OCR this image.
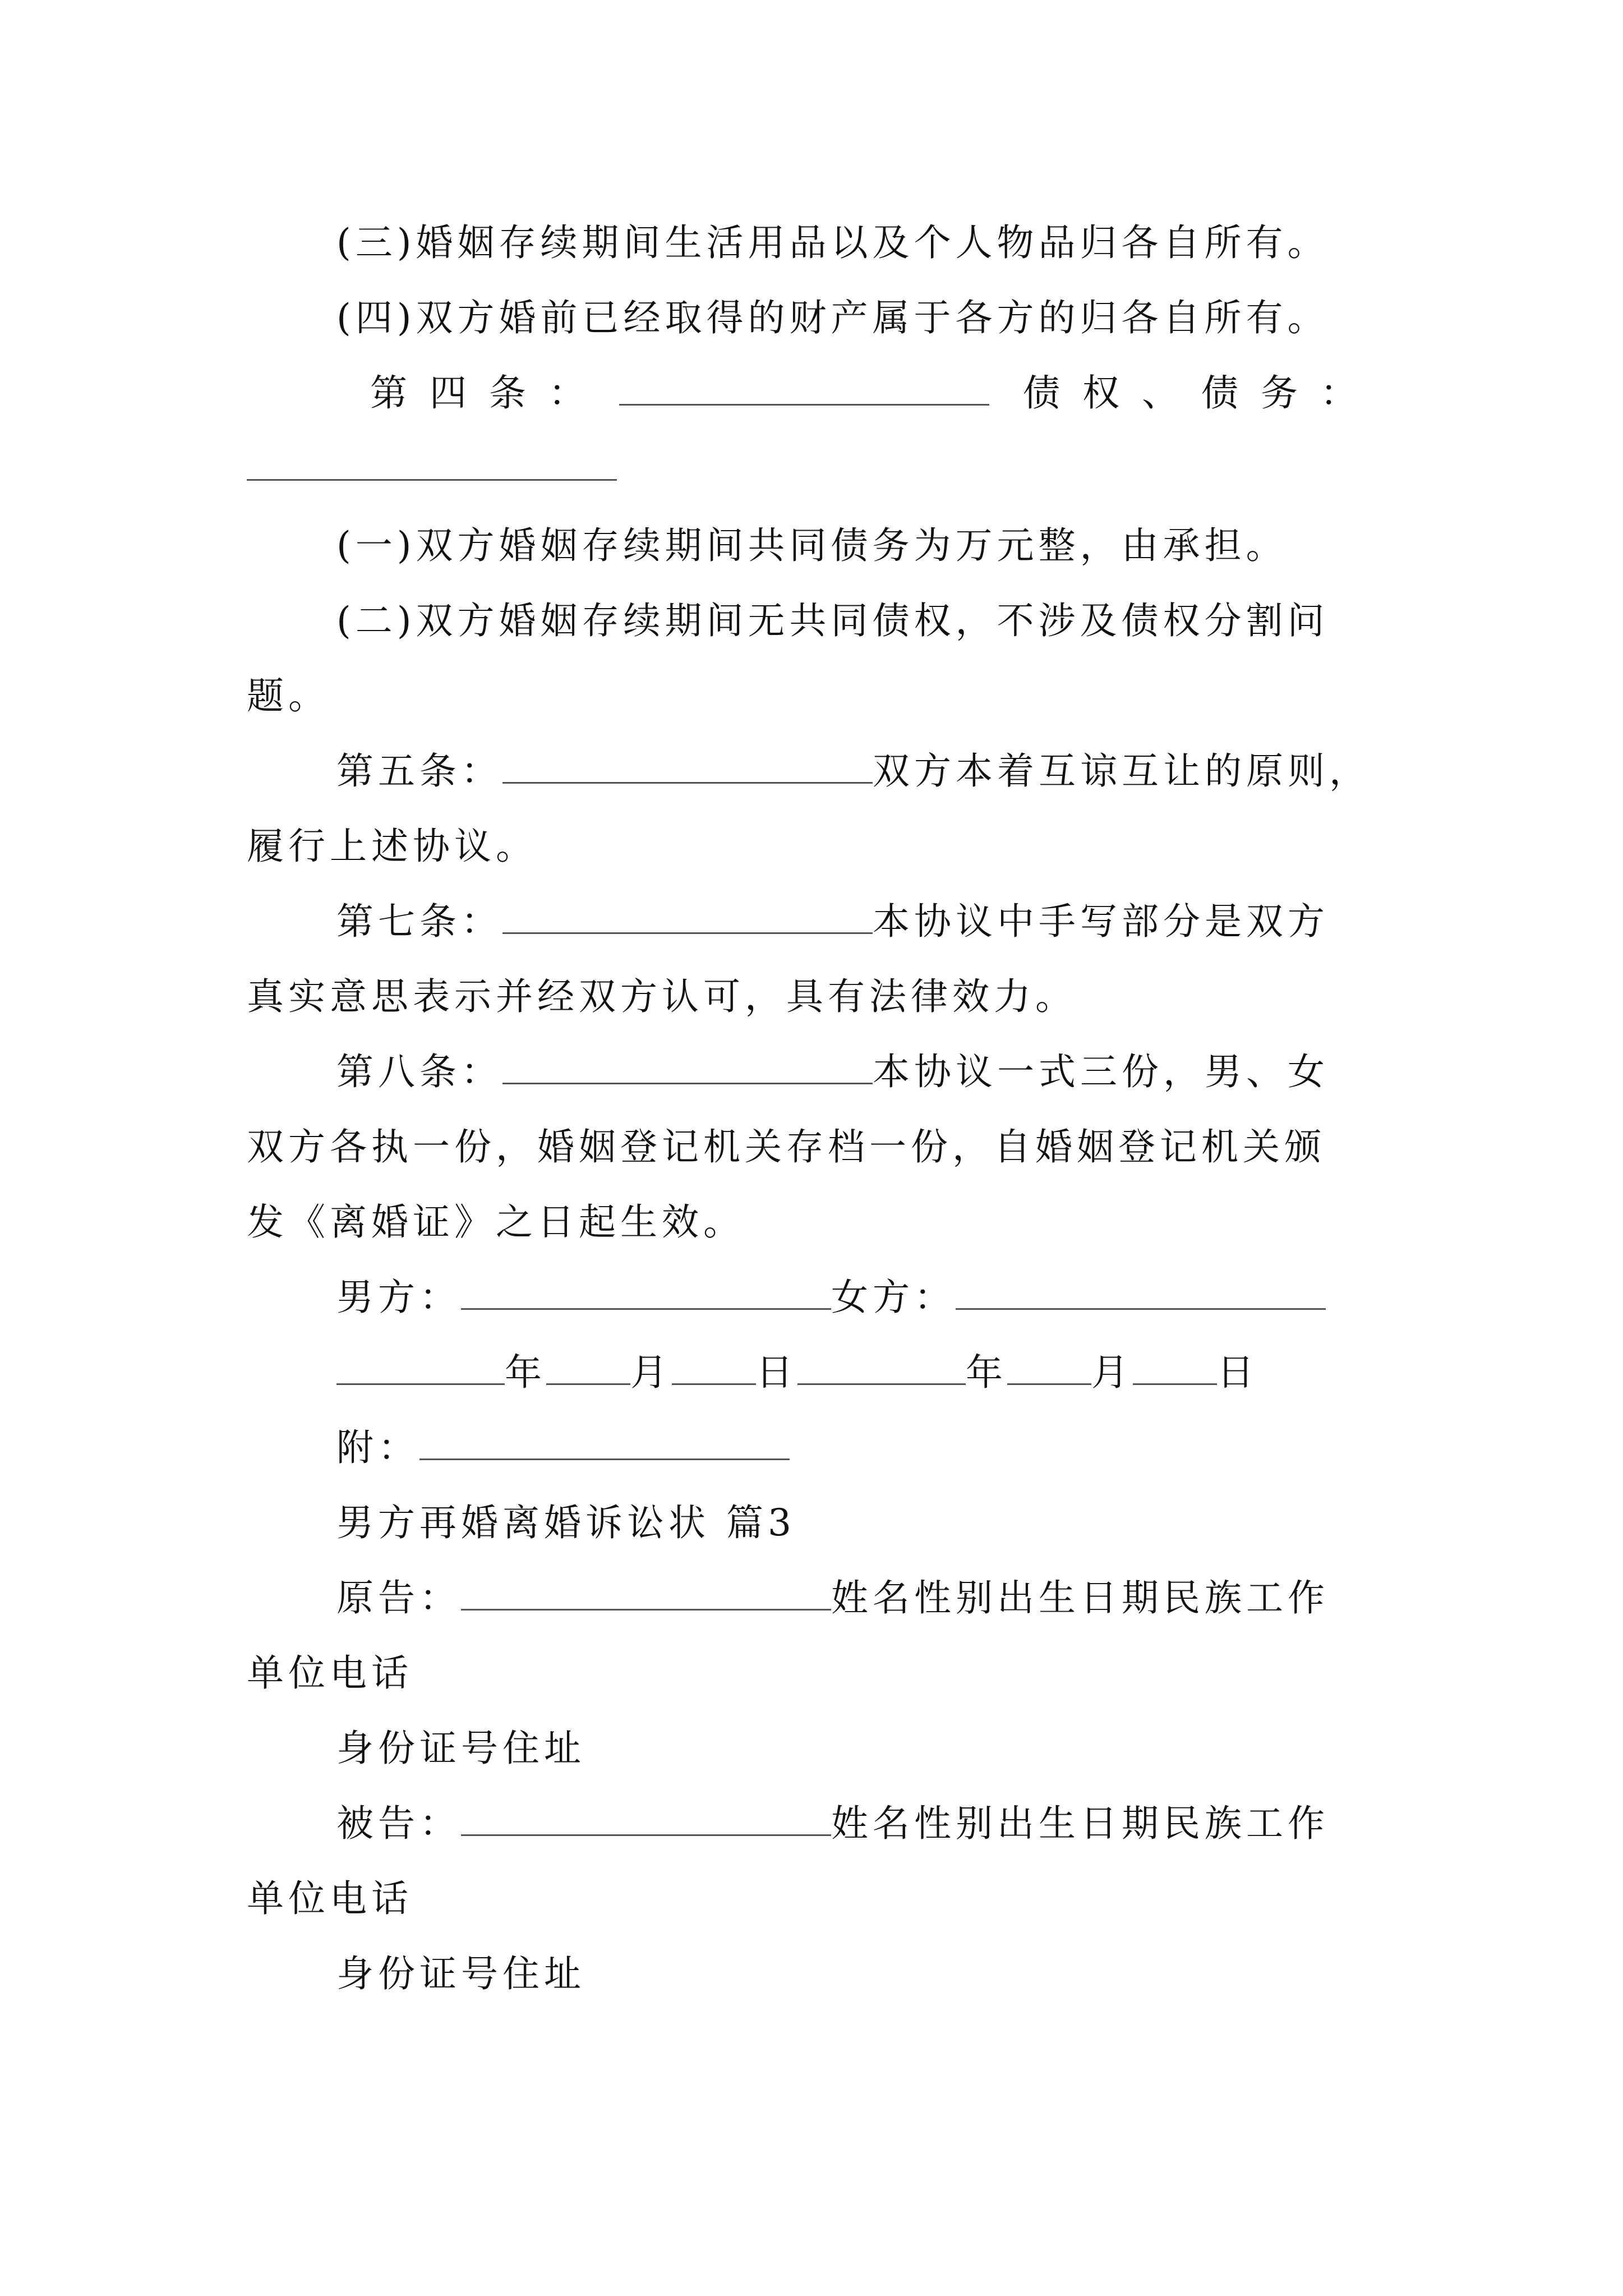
(三)婚姻存续期间生活用品以及个人物品归各自所有。
(四)双方婚前已经取得的财产属于各方的归各自所有。
第四条：	债权、债务：
(一)双方婚姻存续期间共同债务为万元整，由承担。
(二)双方婚姻存续期间无共同债权，不涉及债权分割问
题。
第五条：	双方本着互谅互让的原则，
履行上述协议。
第七条：	本协议中手写部分是双方
真实意思表示并经双方认可，具有法律效力。
第八条：	本协议一式三份，男、女
双方各执一份，婚姻登记机关存档一份，自婚姻登记机关颁
发《离婚证》之日起生效。
男方：	女方：
年 月 日	年 月 日
附：
男方再婚离婚诉讼状 篇3
原告：	姓名性别出生日期民族工作
单位电话
身份证号住址
被告：	姓名性别出生日期民族工作
单位电话
身份证号住址
